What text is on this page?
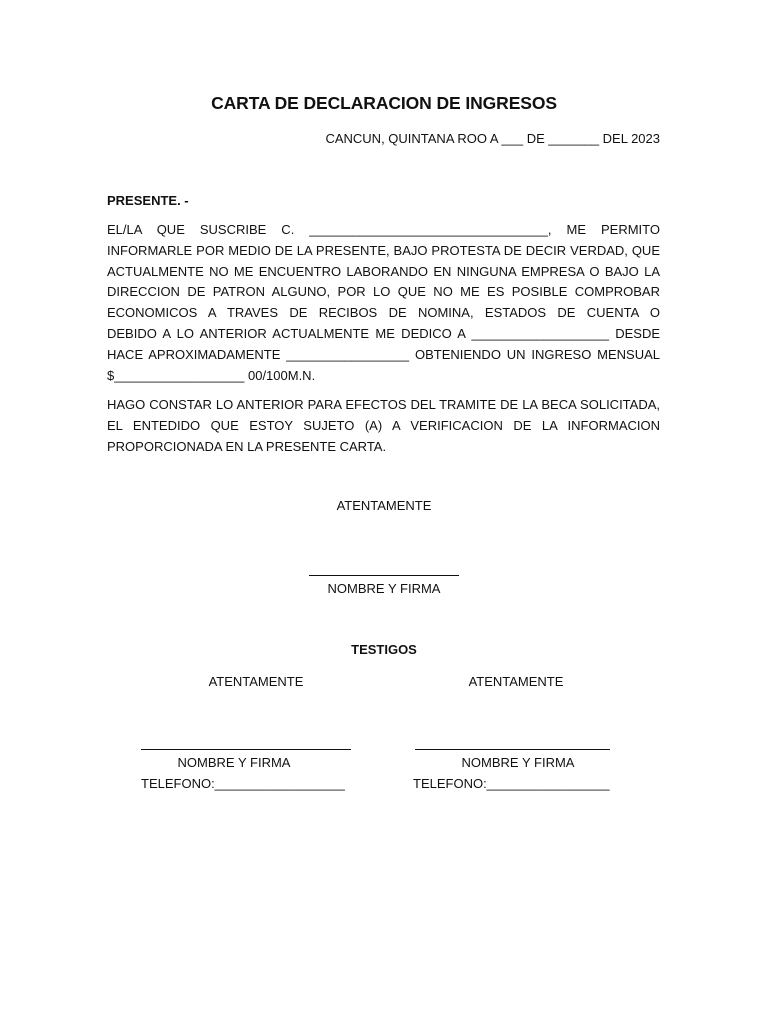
CARTA DE DECLARACION DE INGRESOS
CANCUN, QUINTANA ROO A ___ DE _______ DEL 2023
PRESENTE. -
EL/LA QUE SUSCRIBE C. _________________________________, ME PERMITO
INFORMARLE POR MEDIO DE LA PRESENTE, BAJO PROTESTA DE DECIR VERDAD, QUE
ACTUALMENTE NO ME ENCUENTRO LABORANDO EN NINGUNA EMPRESA O BAJO LA
DIRECCION DE PATRON ALGUNO, POR LO QUE NO ME ES POSIBLE COMPROBAR
ECONOMICOS A TRAVES DE RECIBOS DE NOMINA, ESTADOS DE CUENTA O
DEBIDO A LO ANTERIOR ACTUALMENTE ME DEDICO A ___________________ DESDE
HACE APROXIMADAMENTE _________________ OBTENIENDO UN INGRESO MENSUAL
$__________________ 00/100M.N.
HAGO CONSTAR LO ANTERIOR PARA EFECTOS DEL TRAMITE DE LA BECA SOLICITADA,
EL ENTEDIDO QUE ESTOY SUJETO (A) A VERIFICACION DE LA INFORMACION
PROPORCIONADA EN LA PRESENTE CARTA.
ATENTAMENTE
NOMBRE Y FIRMA
TESTIGOS
ATENTAMENTE
NOMBRE Y FIRMA
TELEFONO:__________________
ATENTAMENTE
NOMBRE Y FIRMA
TELEFONO:_________________
